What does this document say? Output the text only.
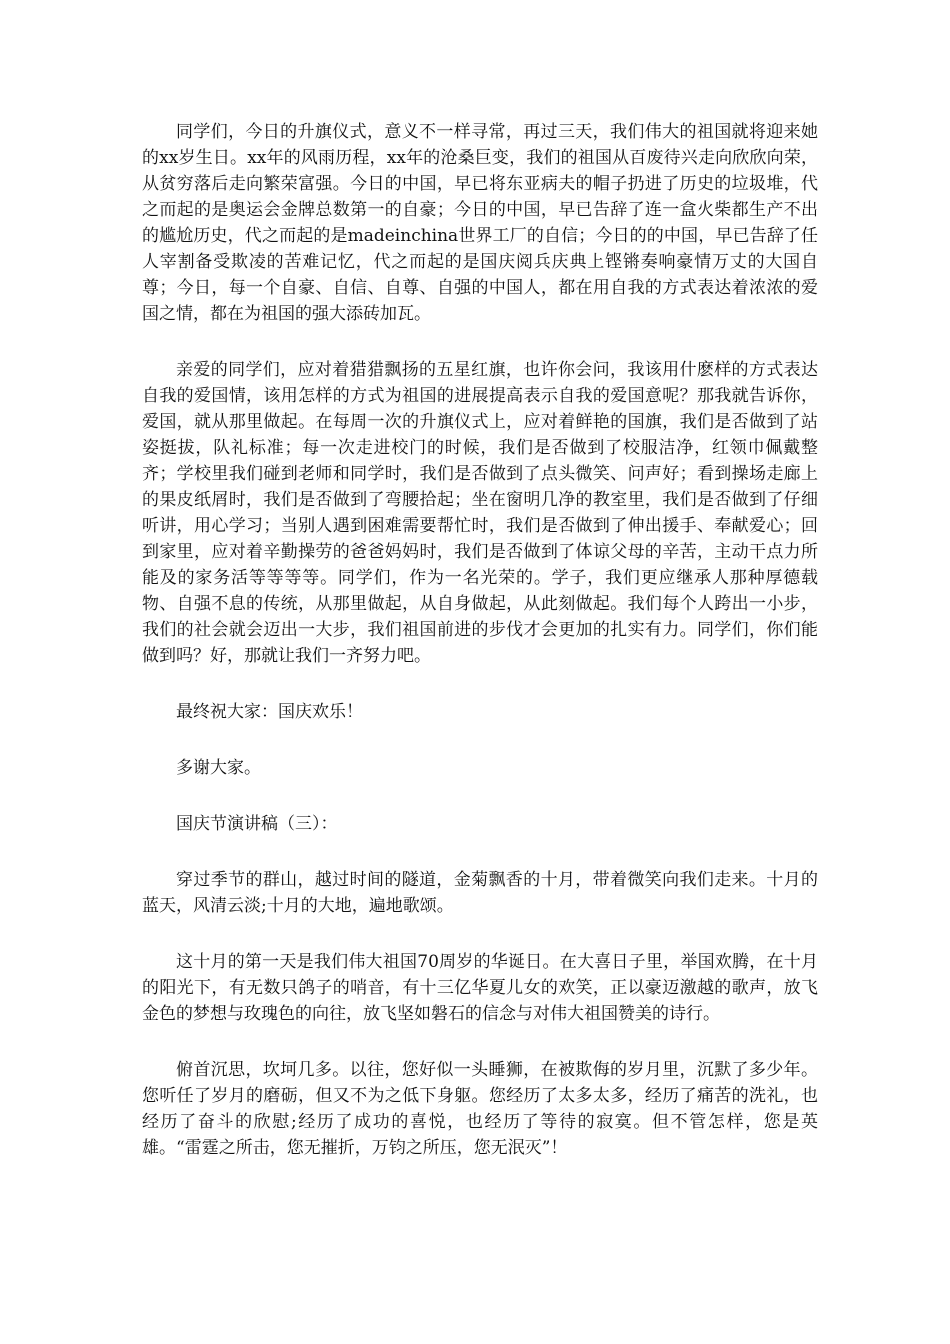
同学们，今日的升旗仪式，意义不一样寻常，再过三天，我们伟大的祖国就将迎来她的xx岁生日。xx年的风雨历程，xx年的沧桑巨变，我们的祖国从百废待兴走向欣欣向荣，从贫穷落后走向繁荣富强。今日的中国，早已将东亚病夫的帽子扔进了历史的垃圾堆，代之而起的是奥运会金牌总数第一的自豪；今日的中国，早已告辞了连一盒火柴都生产不出的尴尬历史，代之而起的是madeinchina世界工厂的自信；今日的的中国，早已告辞了任人宰割备受欺凌的苦难记忆，代之而起的是国庆阅兵庆典上铿锵奏响豪情万丈的大国自尊；今日，每一个自豪、自信、自尊、自强的中国人，都在用自我的方式表达着浓浓的爱国之情，都在为祖国的强大添砖加瓦。

亲爱的同学们，应对着猎猎飘扬的五星红旗，也许你会问，我该用什麽样的方式表达自我的爱国情，该用怎样的方式为祖国的进展提高表示自我的爱国意呢？那我就告诉你，爱国，就从那里做起。在每周一次的升旗仪式上，应对着鲜艳的国旗，我们是否做到了站姿挺拔，队礼标准；每一次走进校门的时候，我们是否做到了校服洁净，红领巾佩戴整齐；学校里我们碰到老师和同学时，我们是否做到了点头微笑、问声好；看到操场走廊上的果皮纸屑时，我们是否做到了弯腰拾起；坐在窗明几净的教室里，我们是否做到了仔细听讲，用心学习；当别人遇到困难需要帮忙时，我们是否做到了伸出援手、奉献爱心；回到家里，应对着辛勤操劳的爸爸妈妈时，我们是否做到了体谅父母的辛苦，主动干点力所能及的家务活等等等等。同学们，作为一名光荣的。学子，我们更应继承人那种厚德载物、自强不息的传统，从那里做起，从自身做起，从此刻做起。我们每个人跨出一小步，我们的社会就会迈出一大步，我们祖国前进的步伐才会更加的扎实有力。同学们，你们能做到吗？好，那就让我们一齐努力吧。

最终祝大家：国庆欢乐！

多谢大家。

国庆节演讲稿（三）：

穿过季节的群山，越过时间的隧道，金菊飘香的十月，带着微笑向我们走来。十月的蓝天，风清云淡;十月的大地，遍地歌颂。

这十月的第一天是我们伟大祖国70周岁的华诞日。在大喜日子里，举国欢腾，在十月的阳光下，有无数只鸽子的哨音，有十三亿华夏儿女的欢笑，正以豪迈激越的歌声，放飞金色的梦想与玫瑰色的向往，放飞坚如磐石的信念与对伟大祖国赞美的诗行。

俯首沉思，坎坷几多。以往，您好似一头睡狮，在被欺侮的岁月里，沉默了多少年。您听任了岁月的磨砺，但又不为之低下身躯。您经历了太多太多，经历了痛苦的洗礼，也经历了奋斗的欣慰;经历了成功的喜悦，也经历了等待的寂寞。但不管怎样，您是英雄。“雷霆之所击，您无摧折，万钧之所压，您无泯灭”！
